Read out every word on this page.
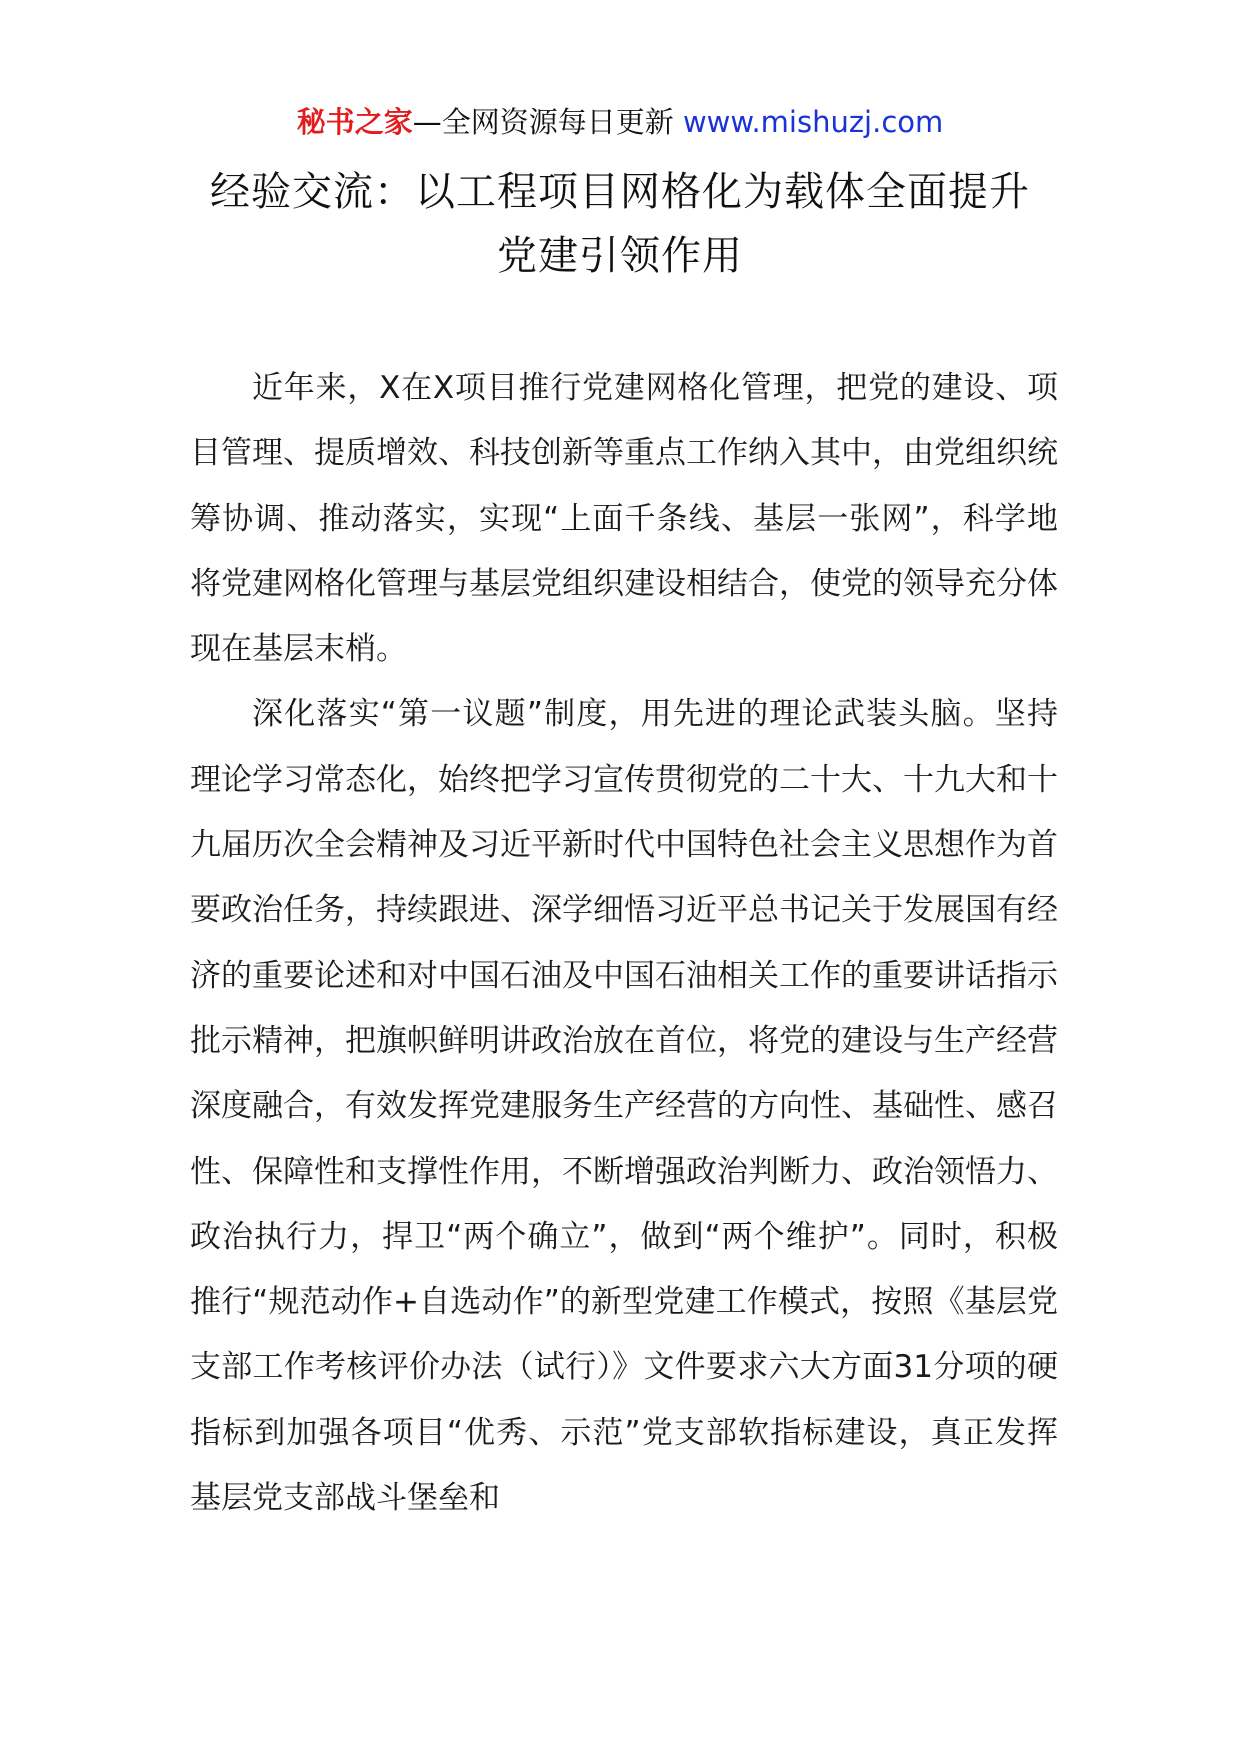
秘书之家—全网资源每日更新 www.mishuzj.com
经验交流：以工程项目网格化为载体全面提升
党建引领作用

近年来，X在X项目推行党建网格化管理，把党的建设、项目管理、提质增效、科技创新等重点工作纳入其中，由党组织统筹协调、推动落实，实现“上面千条线、基层一张网”，科学地将党建网格化管理与基层党组织建设相结合，使党的领导充分体现在基层末梢。

深化落实“第一议题”制度，用先进的理论武装头脑。坚持理论学习常态化，始终把学习宣传贯彻党的二十大、十九大和十九届历次全会精神及习近平新时代中国特色社会主义思想作为首要政治任务，持续跟进、深学细悟习近平总书记关于发展国有经济的重要论述和对中国石油及中国石油相关工作的重要讲话指示批示精神，把旗帜鲜明讲政治放在首位，将党的建设与生产经营深度融合，有效发挥党建服务生产经营的方向性、基础性、感召性、保障性和支撑性作用，不断增强政治判断力、政治领悟力、政治执行力，捍卫“两个确立”，做到“两个维护”。同时，积极推行“规范动作+自选动作”的新型党建工作模式，按照《基层党支部工作考核评价办法（试行）》文件要求六大方面31分项的硬指标到加强各项目“优秀、示范”党支部软指标建设，真正发挥基层党支部战斗堡垒和
